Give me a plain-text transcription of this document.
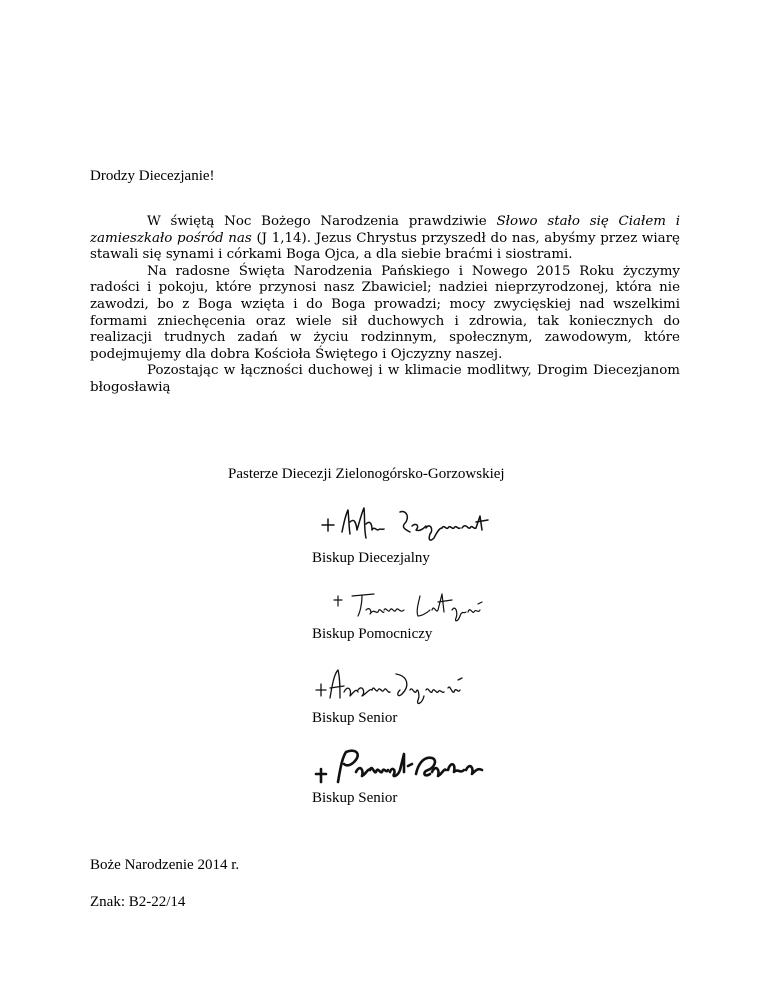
Drodzy Diecezjanie!

W świętą Noc Bożego Narodzenia prawdziwie Słowo stało się Ciałem i zamieszkało pośród nas (J 1,14). Jezus Chrystus przyszedł do nas, abyśmy przez wiarę stawali się synami i córkami Boga Ojca, a dla siebie braćmi i siostrami.

Na radosne Święta Narodzenia Pańskiego i Nowego 2015 Roku życzymy radości i pokoju, które przynosi nasz Zbawiciel; nadziei nieprzyrodzonej, która nie zawodzi, bo z Boga wzięta i do Boga prowadzi; mocy zwycięskiej nad wszelkimi formami zniechęcenia oraz wiele sił duchowych i zdrowia, tak koniecznych do realizacji trudnych zadań w życiu rodzinnym, społecznym, zawodowym, które podejmujemy dla dobra Kościoła Świętego i Ojczyzny naszej.

Pozostając w łączności duchowej i w klimacie modlitwy, Drogim Diecezjanom błogosławią

Pasterze Diecezji Zielonogórsko-Gorzowskiej
Biskup Diecezjalny
Biskup Pomocniczy
Biskup Senior
Biskup Senior
Boże Narodzenie 2014 r.
Znak: B2-22/14
